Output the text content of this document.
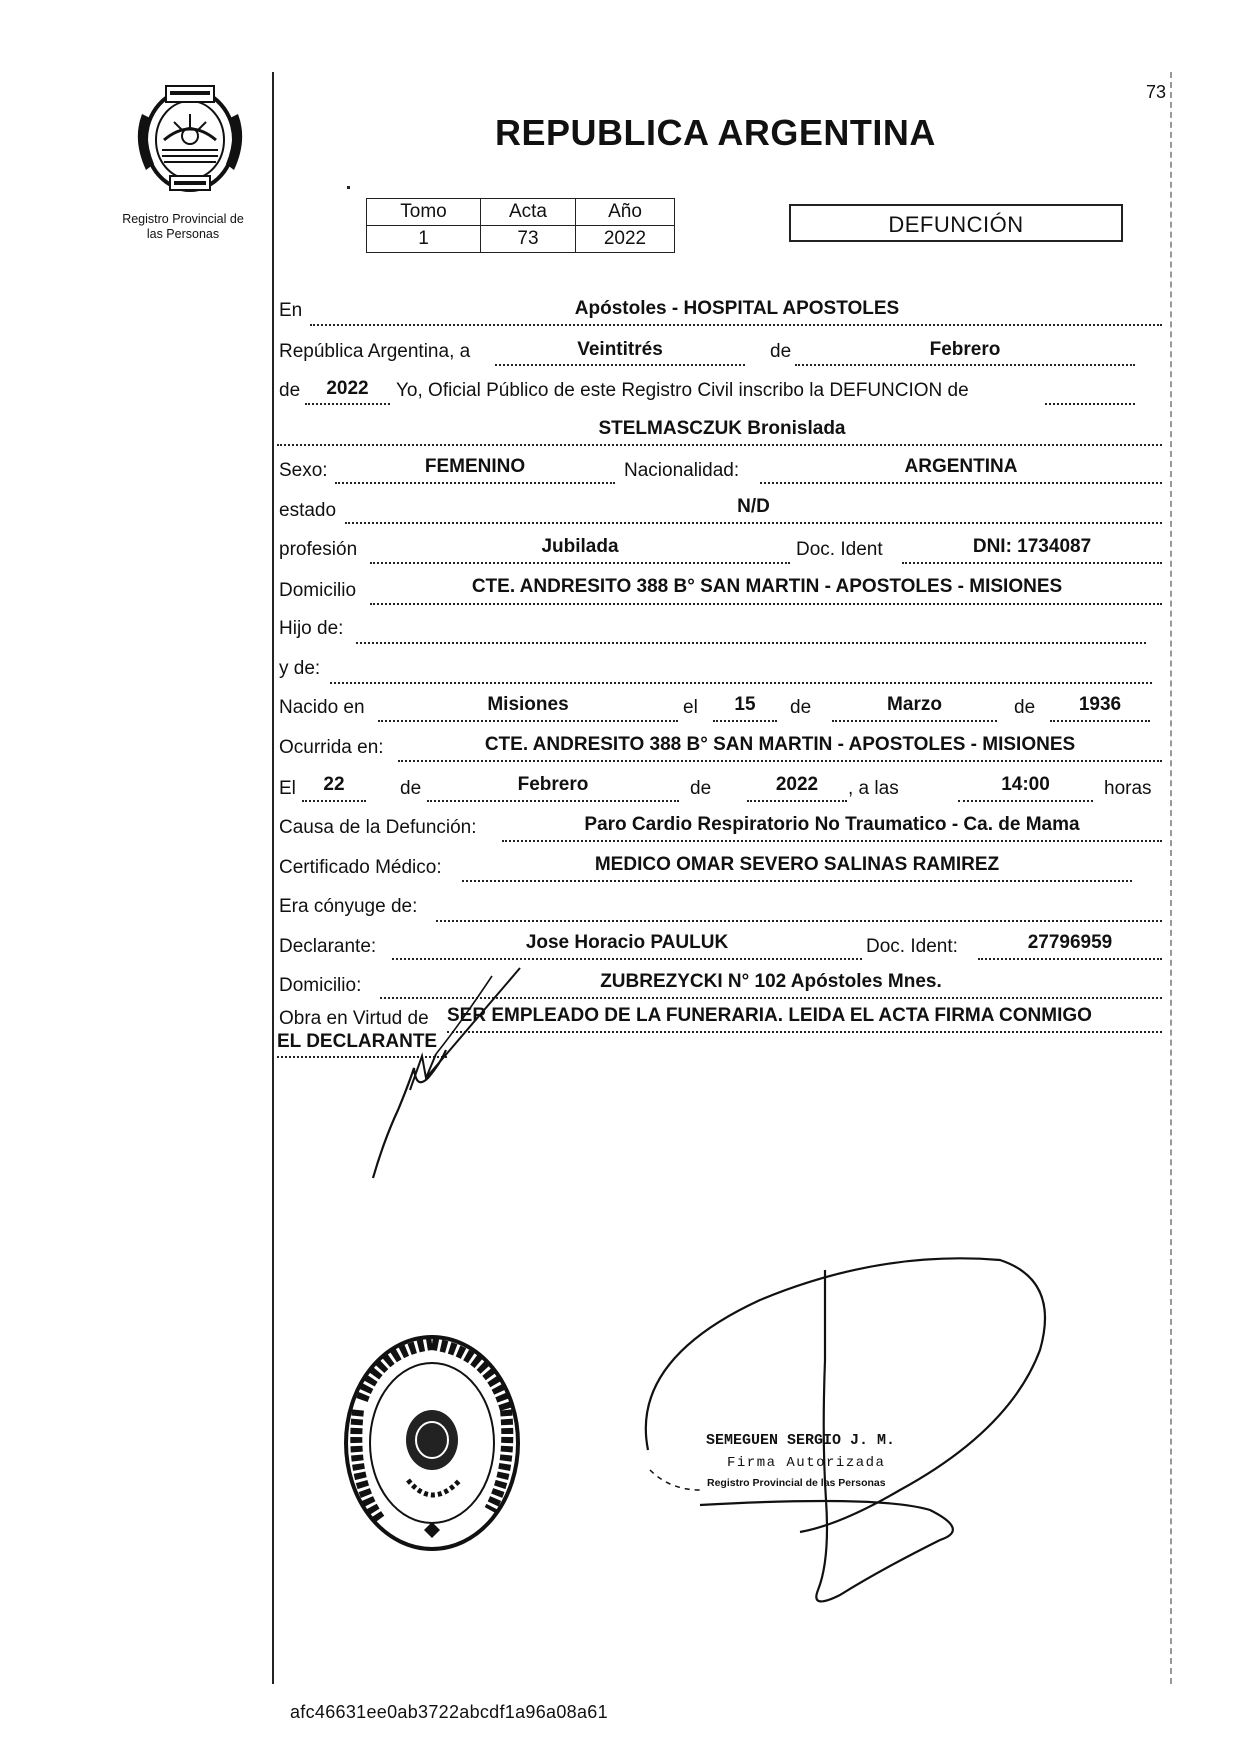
73
Registro Provincial de
las Personas
REPUBLICA ARGENTINA
Tomo	Acta	Año
1	73	2022
DEFUNCIÓN
En	Apóstoles - HOSPITAL APOSTOLES
República Argentina, a	Veintitrés	de	Febrero
de	2022	Yo, Oficial Público de este Registro Civil inscribo la DEFUNCION de
STELMASCZUK Bronislada
Sexo:	FEMENINO	Nacionalidad:	ARGENTINA
estado	N/D
profesión	Jubilada	Doc. Ident	DNI: 1734087
Domicilio	CTE. ANDRESITO 388 B° SAN MARTIN - APOSTOLES - MISIONES
Hijo de:
y de:
Nacido en	Misiones	el	15	de	Marzo	de	1936
Ocurrida en:	CTE. ANDRESITO 388 B° SAN MARTIN - APOSTOLES - MISIONES
El	22	de	Febrero	de	2022	, a las	14:00	horas
Causa de la Defunción:	Paro Cardio Respiratorio No Traumatico - Ca. de Mama
Certificado Médico:	MEDICO OMAR SEVERO SALINAS RAMIREZ
Era cónyuge de:
Declarante:	Jose Horacio PAULUK	Doc. Ident:	27796959
Domicilio:	ZUBREZYCKI N° 102 Apóstoles Mnes.
Obra en Virtud de SER EMPLEADO DE LA FUNERARIA. LEIDA EL ACTA FIRMA CONMIGO
EL DECLARANTE
SEMEGUEN SERGIO J. M.
Firma Autorizada
Registro Provincial de las Personas
afc46631ee0ab3722abcdf1a96a08a61
